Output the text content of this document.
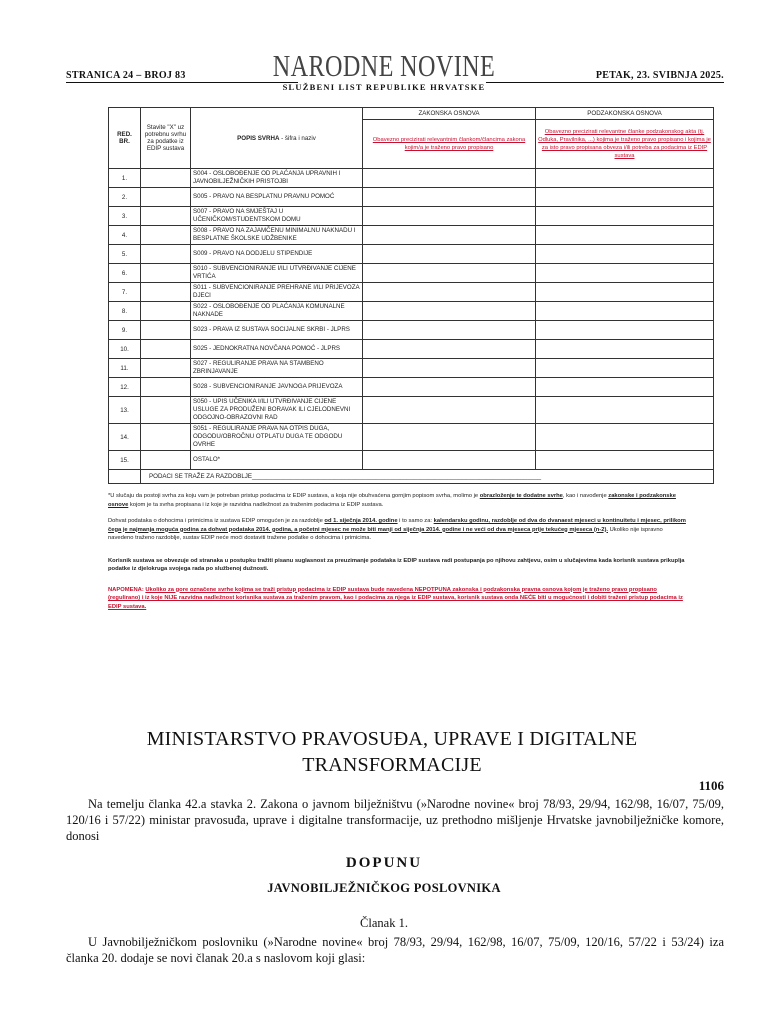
STRANICA 24 – BROJ 83	NARODNE NOVINE
SLUŽBENI LIST REPUBLIKE HRVATSKE
PETAK, 23. SVIBNJA 2025.
RED. BR.	Stavite "X" uz potrebnu svrhu za podatke iz EDIP sustava	POPIS SVRHA - šifra i naziv	ZAKONSKA OSNOVA	PODZAKONSKA OSNOVA
			Obavezno precizirati relevantnim člankom/člancima zakona kojim/a je traženo pravo propisano	Obavezno precizirati relevantne članke podzakonskog akta (tj. Odluka, Pravilnika, ...) kojima je traženo pravo propisano i kojima je za isto pravo propisana obveza i/ili potreba za podacima iz EDIP sustava
1.		S004 - OSLOBOĐENJE OD PLAĆANJA UPRAVNIH I JAVNOBILJEŽNIČKIH PRISTOJBI		
2.		S005 - PRAVO NA BESPLATNU PRAVNU POMOĆ		
3.		S007 - PRAVO NA SMJEŠTAJ U UČENIČKOM/STUDENTSKOM DOMU		
4.		S008 - PRAVO NA ZAJAMČENU MINIMALNU NAKNADU I BESPLATNE ŠKOLSKE UDŽBENIKE		
5.		S009 - PRAVO NA DODJELU STIPENDIJE		
6.		S010 - SUBVENCIONIRANJE I/ILI UTVRĐIVANJE CIJENE VRTIĆA		
7.		S011 - SUBVENCIONIRANJE PREHRANE I/ILI PRIJEVOZA DJECI		
8.		S022 - OSLOBOĐENJE OD PLAĆANJA KOMUNALNE NAKNADE		
9.		S023 - PRAVA IZ SUSTAVA SOCIJALNE SKRBI - JLPRS		
10.		S025 - JEDNOKRATNA NOVČANA POMOĆ - JLPRS		
11.		S027 - REGULIRANJE PRAVA NA STAMBENO ZBRINJAVANJE		
12.		S028 - SUBVENCIONIRANJE JAVNOGA PRIJEVOZA		
13.		S050 - UPIS UČENIKA I/ILI UTVRĐIVANJE CIJENE USLUGE ZA PRODUŽENI BORAVAK ILI CJELODNEVNI ODGOJNO-OBRAZOVNI RAD		
14.		S051 - REGULIRANJE PRAVA NA OTPIS DUGA, ODGODU/OBROČNU OTPLATU DUGA TE ODGODU OVRHE		
15.		OSTALO*		
	PODACI SE TRAŽE ZA RAZDOBLJE____________________________________________________________________________________			
*U slučaju da postoji svrha za koju vam je potreban pristup podacima iz EDIP sustava, a koja nije obuhvaćena gornjim popisom svrha, molimo je obrazloženje te dodatne svrhe, kao i navođenje zakonske i podzakonske osnove kojom je ta svrha propisana i iz koje je razvidna nadležnost za traženim podacima iz EDIP sustava.
Dohvat podataka o dohocima i primicima iz sustava EDIP omogućen je za razdoblje od 1. siječnja 2014. godine i to samo za: kalendarsku godinu, razdoblje od dva do dvanaest mjeseci u kontinuitetu i mjesec, prilikom čega je najmanja moguća godina za dohvat podataka 2014. godina, a početni mjesec ne može biti manji od siječnja 2014. godine i ne veći od dva mjeseca prije tekućeg mjeseca (n-2). Ukoliko nije ispravno navedeno traženo razdoblje, sustav EDIP neće moći dostaviti tražene podatke o dohocima i primicima.
Korisnik sustava se obvezuje od stranaka u postupku tražiti pisanu suglasnost za preuzimanje podataka iz EDIP sustava radi postupanja po njihovu zahtjevu, osim u slučajevima kada korisnik sustava prikuplja podatke iz djelokruga svojega rada po službenoj dužnosti.
NAPOMENA: Ukoliko za gore označene svrhe kojima se traži pristup podacima iz EDIP sustava bude navedena NEPOTPUNA zakonska i podzakonska pravna osnova kojom je traženo pravo propisano (regulirano) i iz koje NIJE razvidna nadležnost korisnika sustava za traženim pravom, kao i podacima za njega iz EDIP sustava, korisnik sustava onda NEĆE biti u mogućnosti i dobiti traženi pristup podacima iz EDIP sustava.
MINISTARSTVO PRAVOSUĐA, UPRAVE I DIGITALNE
TRANSFORMACIJE
1106
Na temelju članka 42.a stavka 2. Zakona o javnom bilježništvu (»Narodne novine« broj 78/93, 29/94, 162/98, 16/07, 75/09, 120/16 i 57/22) ministar pravosuđa, uprave i digitalne transformacije, uz prethodno mišljenje Hrvatske javnobilježničke komore, donosi
DOPUNU
JAVNOBILJEŽNIČKOG POSLOVNIKA
Članak 1.
U Javnobilježničkom poslovniku (»Narodne novine« broj 78/93, 29/94, 162/98, 16/07, 75/09, 120/16, 57/22 i 53/24) iza članka 20. dodaje se novi članak 20.a s naslovom koji glasi:
